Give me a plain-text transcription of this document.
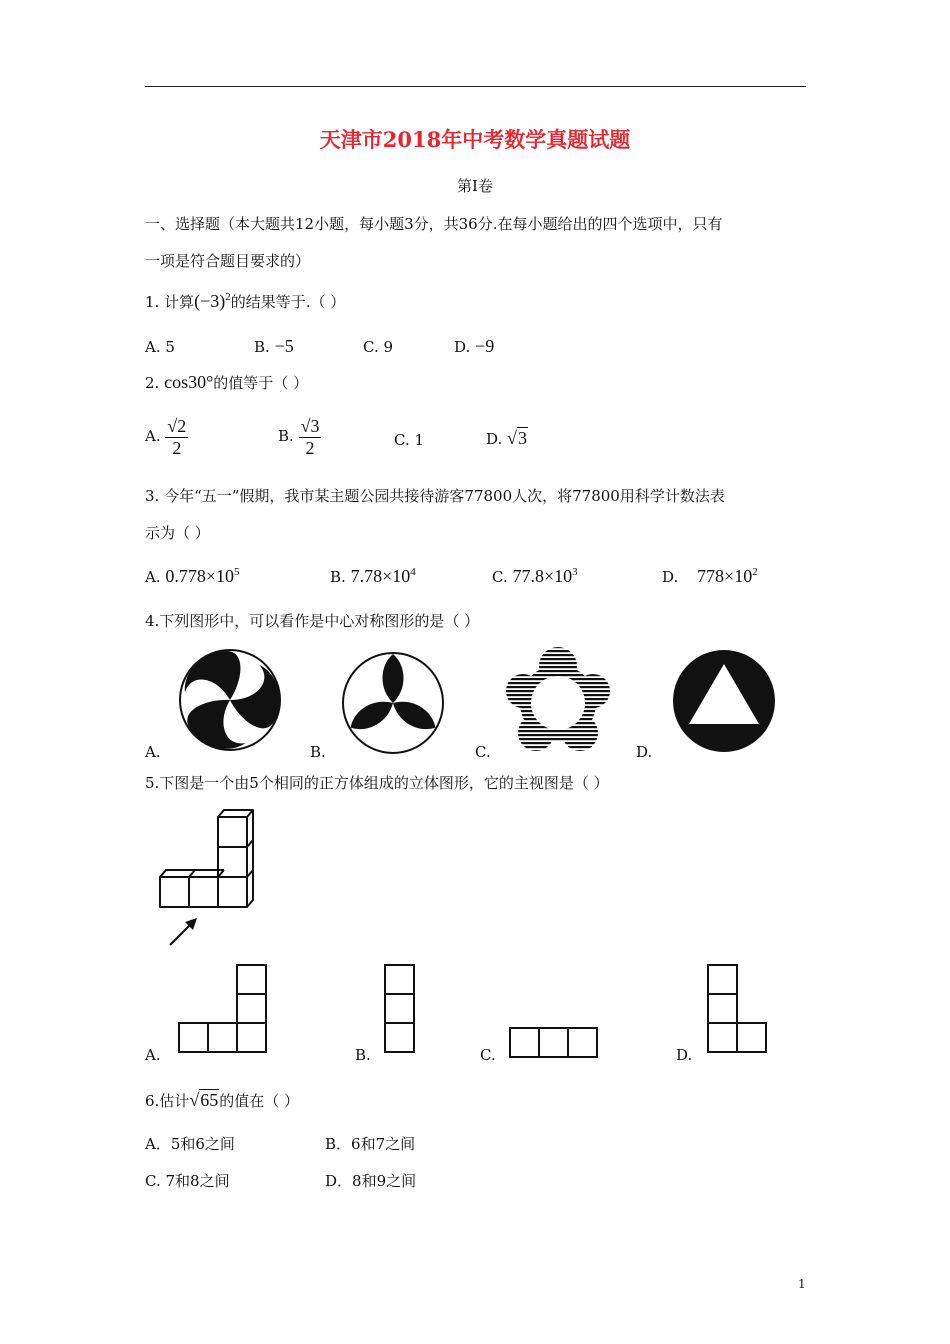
天津市2018年中考数学真题试题
第Ⅰ卷
一、选择题（本大题共12小题，每小题3分，共36分.在每小题给出的四个选项中，只有
一项是符合题目要求的）
1. 计算$(-3)^2$的结果等于.（ ）
A. 5	B. −5	C. 9	D. −9
2. cos30°的值等于（ ）
A. $\frac{√2}{2}$	B. $\frac{√3}{2}$	C. 1	D. √3
3. 今年“五一”假期，我市某主题公园共接待游客77800人次，将77800用科学计数法表
示为（ ）
A. $0.778\times 10^5$	B. $7.78\times 10^4$	C. $77.8\times 10^3$	D. $778\times 10^2$
4.下列图形中，可以看作是中心对称图形的是（ ）
A.	B.	C.	D.
5.下图是一个由5个相同的正方体组成的立体图形，它的主视图是（ ）
A.	B.	C.	D.
6.估计√65的值在（ ）
A．5和6之间	B．6和7之间
C. 7和8之间	D．8和9之间
1
